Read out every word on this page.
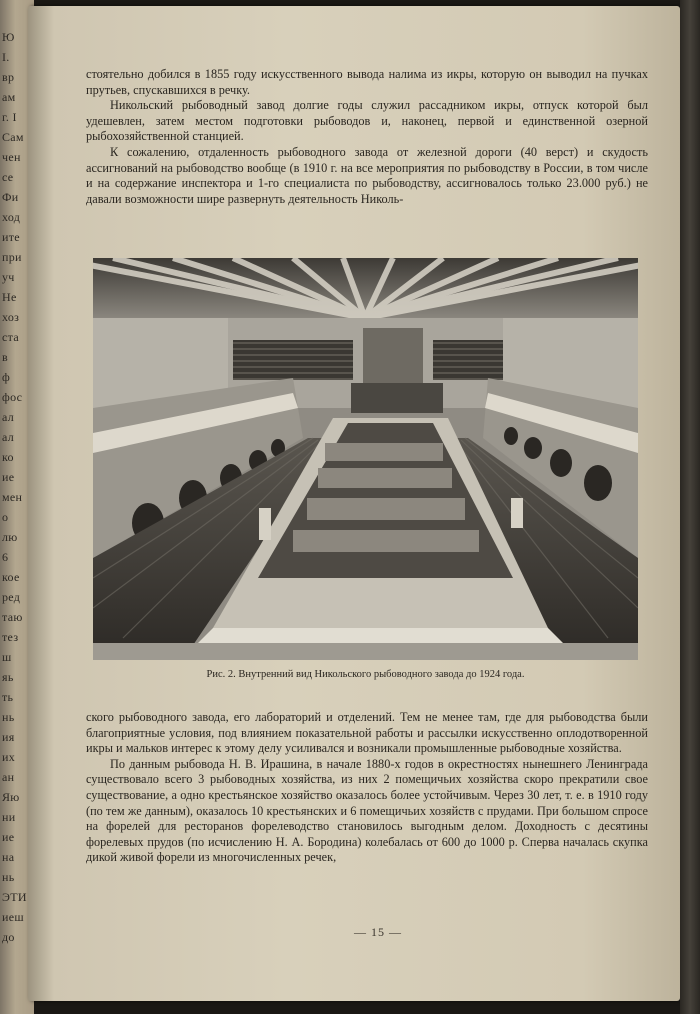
Ю
I.
вр
ам
г. І
Сам
чен
се
Фи
ход
ите
при
уч
Не
хоз
ста
в
ф
фос
ал
ал
ко
ие
мен
о
лю
6
кое
ред
таю
тез
ш
яь
ть
нь
ия
их
ан
Яю
ни
ие
на
нь
ЭТИ
иеш
до

стоятельно добился в 1855 году искусственного вывода налима из икры, которую он выводил на пучках прутьев, спускавшихся в речку.

Никольский рыбоводный завод долгие годы служил рассадником икры, отпуск которой был удешевлен, затем местом подготовки рыбоводов и, наконец, первой и единственной озерной рыбохозяйственной станцией.

К сожалению, отдаленность рыбоводного завода от железной дороги (40 верст) и скудость ассигнований на рыбоводство вообще (в 1910 г. на все мероприятия по рыбоводству в России, в том числе и на содержание инспектора и 1-го специалиста по рыбоводству, ассигновалось только 23.000 руб.) не давали возможности шире развернуть деятельность Николь-

Рис. 2. Внутренний вид Никольского рыбоводного завода до 1924 года.

ского рыбоводного завода, его лабораторий и отделений. Тем не менее там, где для рыбоводства были благоприятные условия, под влиянием показательной работы и рассылки искусственно оплодотворенной икры и мальков интерес к этому делу усиливался и возникали промышленные рыбоводные хозяйства.

По данным рыбовода Н. В. Ирашина, в начале 1880-х годов в окрестностях нынешнего Ленинграда существовало всего 3 рыбоводных хозяйства, из них 2 помещичьих хозяйства скоро прекратили свое существование, а одно крестьянское хозяйство оказалось более устойчивым. Через 30 лет, т. е. в 1910 году (по тем же данным), оказалось 10 крестьянских и 6 помещичьих хозяйств с прудами. При большом спросе на форелей для ресторанов форелеводство становилось выгодным делом. Доходность с десятины форелевых прудов (по исчислению Н. А. Бородина) колебалась от 600 до 1000 р. Сперва началась скупка дикой живой форели из многочисленных речек,

— 15 —
